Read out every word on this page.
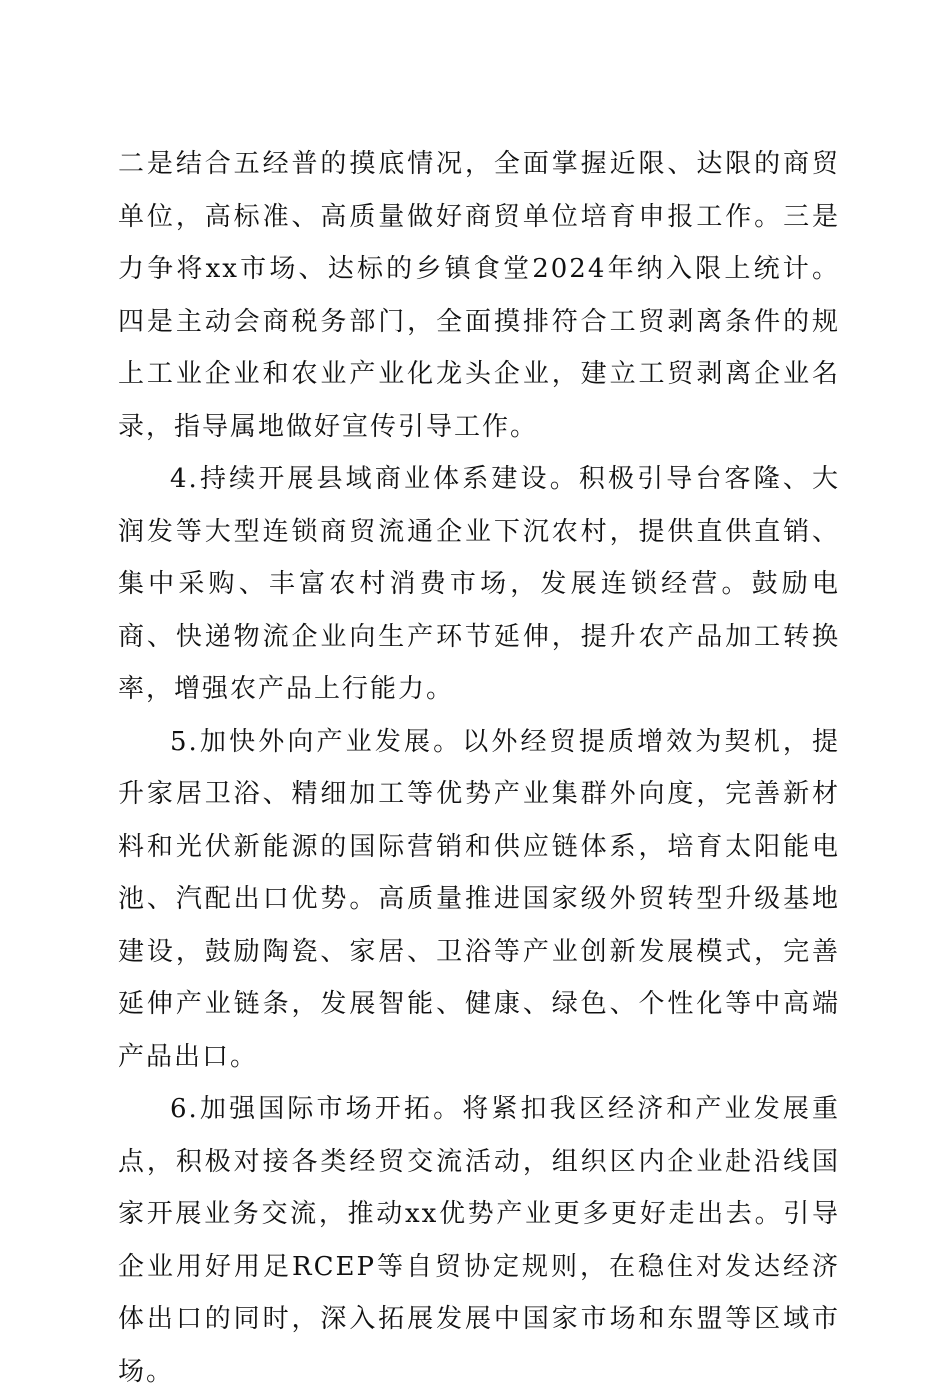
二是结合五经普的摸底情况，全面掌握近限、达限的商贸单位，高标准、高质量做好商贸单位培育申报工作。三是力争将xx市场、达标的乡镇食堂2024年纳入限上统计。四是主动会商税务部门，全面摸排符合工贸剥离条件的规上工业企业和农业产业化龙头企业，建立工贸剥离企业名录，指导属地做好宣传引导工作。

4.持续开展县域商业体系建设。积极引导台客隆、大润发等大型连锁商贸流通企业下沉农村，提供直供直销、集中采购、丰富农村消费市场，发展连锁经营。鼓励电商、快递物流企业向生产环节延伸，提升农产品加工转换率，增强农产品上行能力。

5.加快外向产业发展。以外经贸提质增效为契机，提升家居卫浴、精细加工等优势产业集群外向度，完善新材料和光伏新能源的国际营销和供应链体系，培育太阳能电池、汽配出口优势。高质量推进国家级外贸转型升级基地建设，鼓励陶瓷、家居、卫浴等产业创新发展模式，完善延伸产业链条，发展智能、健康、绿色、个性化等中高端产品出口。

6.加强国际市场开拓。将紧扣我区经济和产业发展重点，积极对接各类经贸交流活动，组织区内企业赴沿线国家开展业务交流，推动xx优势产业更多更好走出去。引导企业用好用足RCEP等自贸协定规则，在稳住对发达经济体出口的同时，深入拓展发展中国家市场和东盟等区域市场。
